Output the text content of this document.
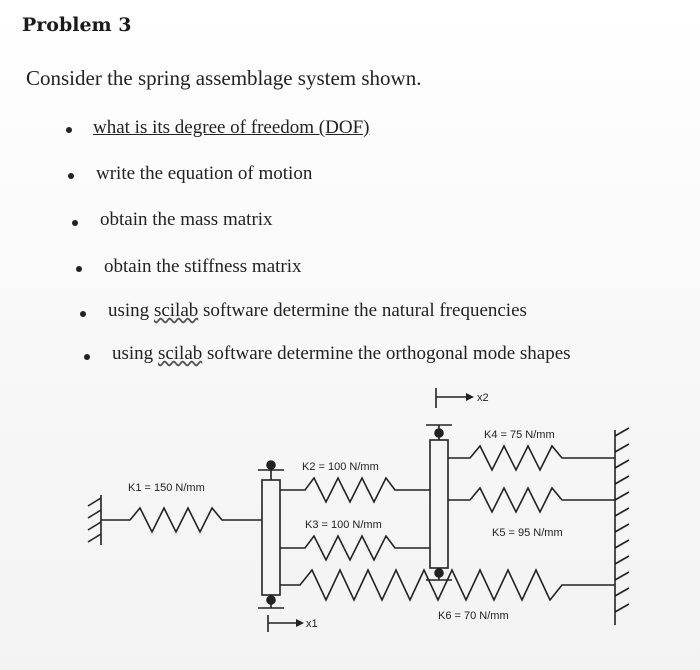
Problem 3
Consider the spring assemblage system shown.
what is its degree of freedom (DOF)
write the equation of motion
obtain the mass matrix
obtain the stiffness matrix
using scilab software determine the natural frequencies
using scilab software determine the orthogonal mode shapes
K1 = 150 N/mm
K2 = 100 N/mm
K3 = 100 N/mm
K4 = 75 N/mm
K5 = 95 N/mm
K6 = 70 N/mm
x1
x2
